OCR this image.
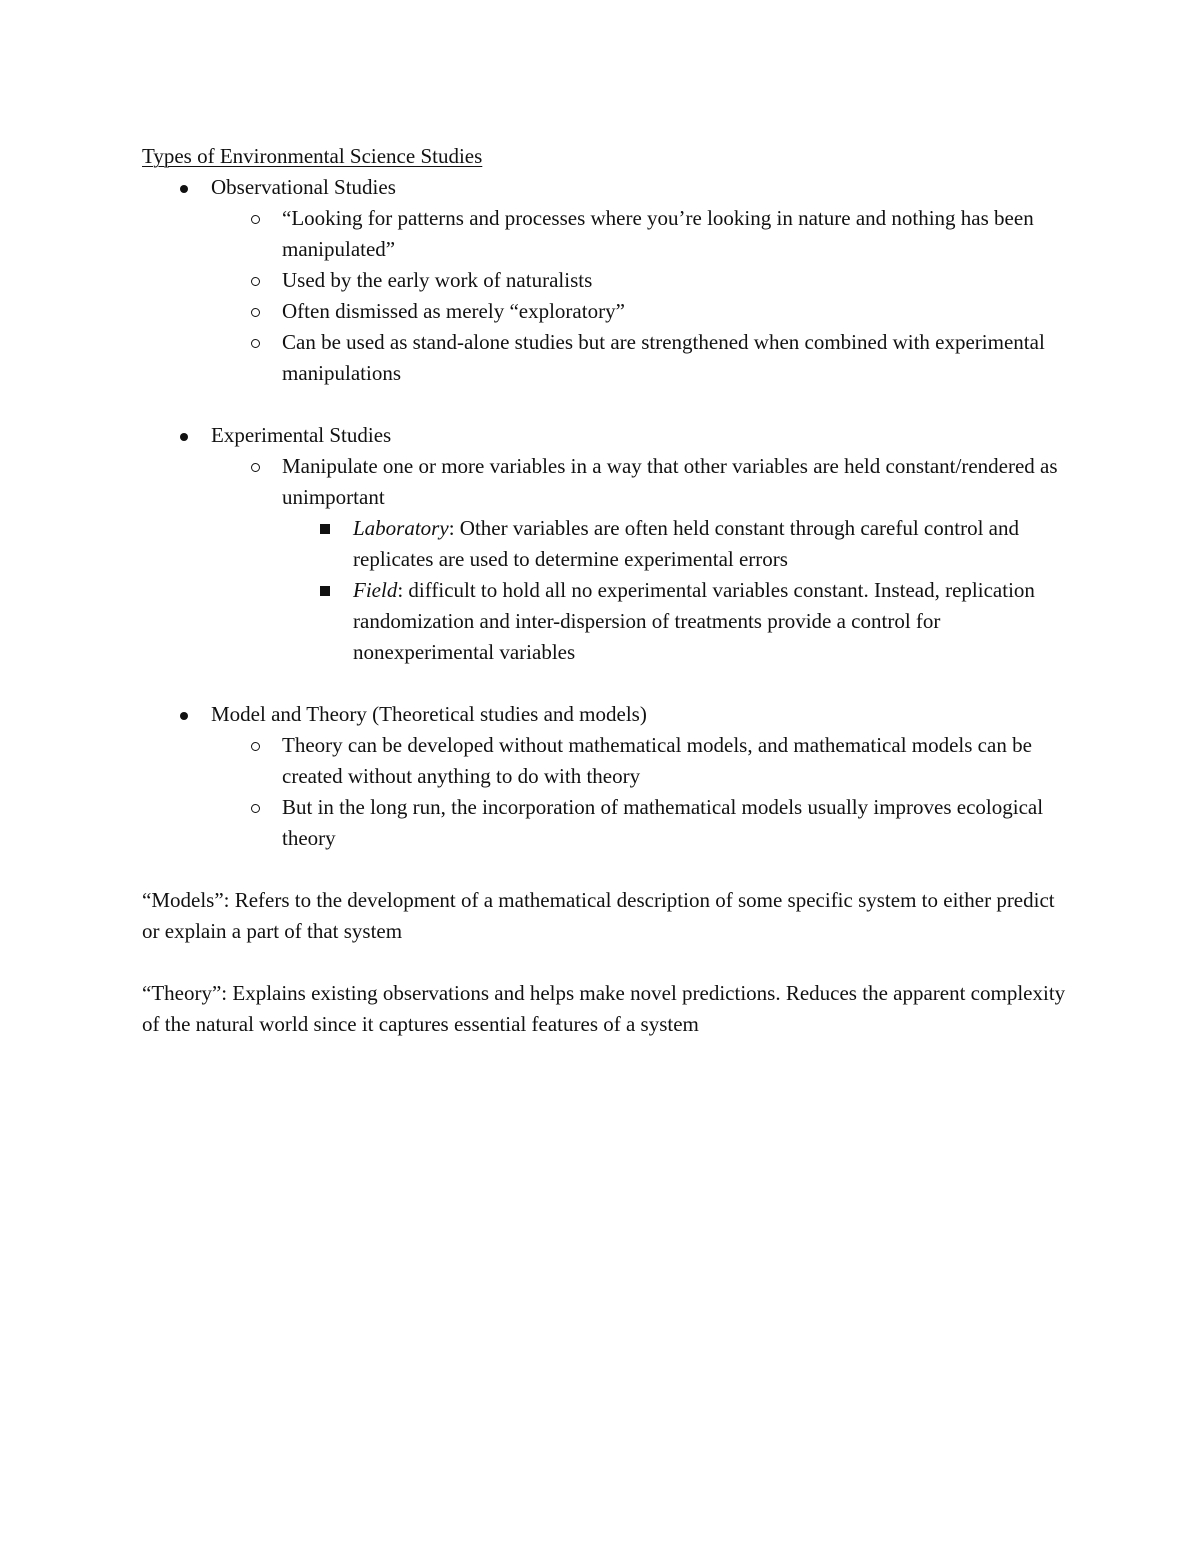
Types of Environmental Science Studies
Observational Studies
“Looking for patterns and processes where you’re looking in nature and nothing has been manipulated”
Used by the early work of naturalists
Often dismissed as merely “exploratory”
Can be used as stand-alone studies but are strengthened when combined with experimental manipulations
Experimental Studies
Manipulate one or more variables in a way that other variables are held constant/rendered as unimportant
Laboratory: Other variables are often held constant through careful control and replicates are used to determine experimental errors
Field: difficult to hold all no experimental variables constant. Instead, replication randomization and inter-dispersion of treatments provide a control for nonexperimental variables
Model and Theory (Theoretical studies and models)
Theory can be developed without mathematical models, and mathematical models can be created without anything to do with theory
But in the long run, the incorporation of mathematical models usually improves ecological theory

“Models”: Refers to the development of a mathematical description of some specific system to either predict or explain a part of that system

“Theory”: Explains existing observations and helps make novel predictions. Reduces the apparent complexity of the natural world since it captures essential features of a system
